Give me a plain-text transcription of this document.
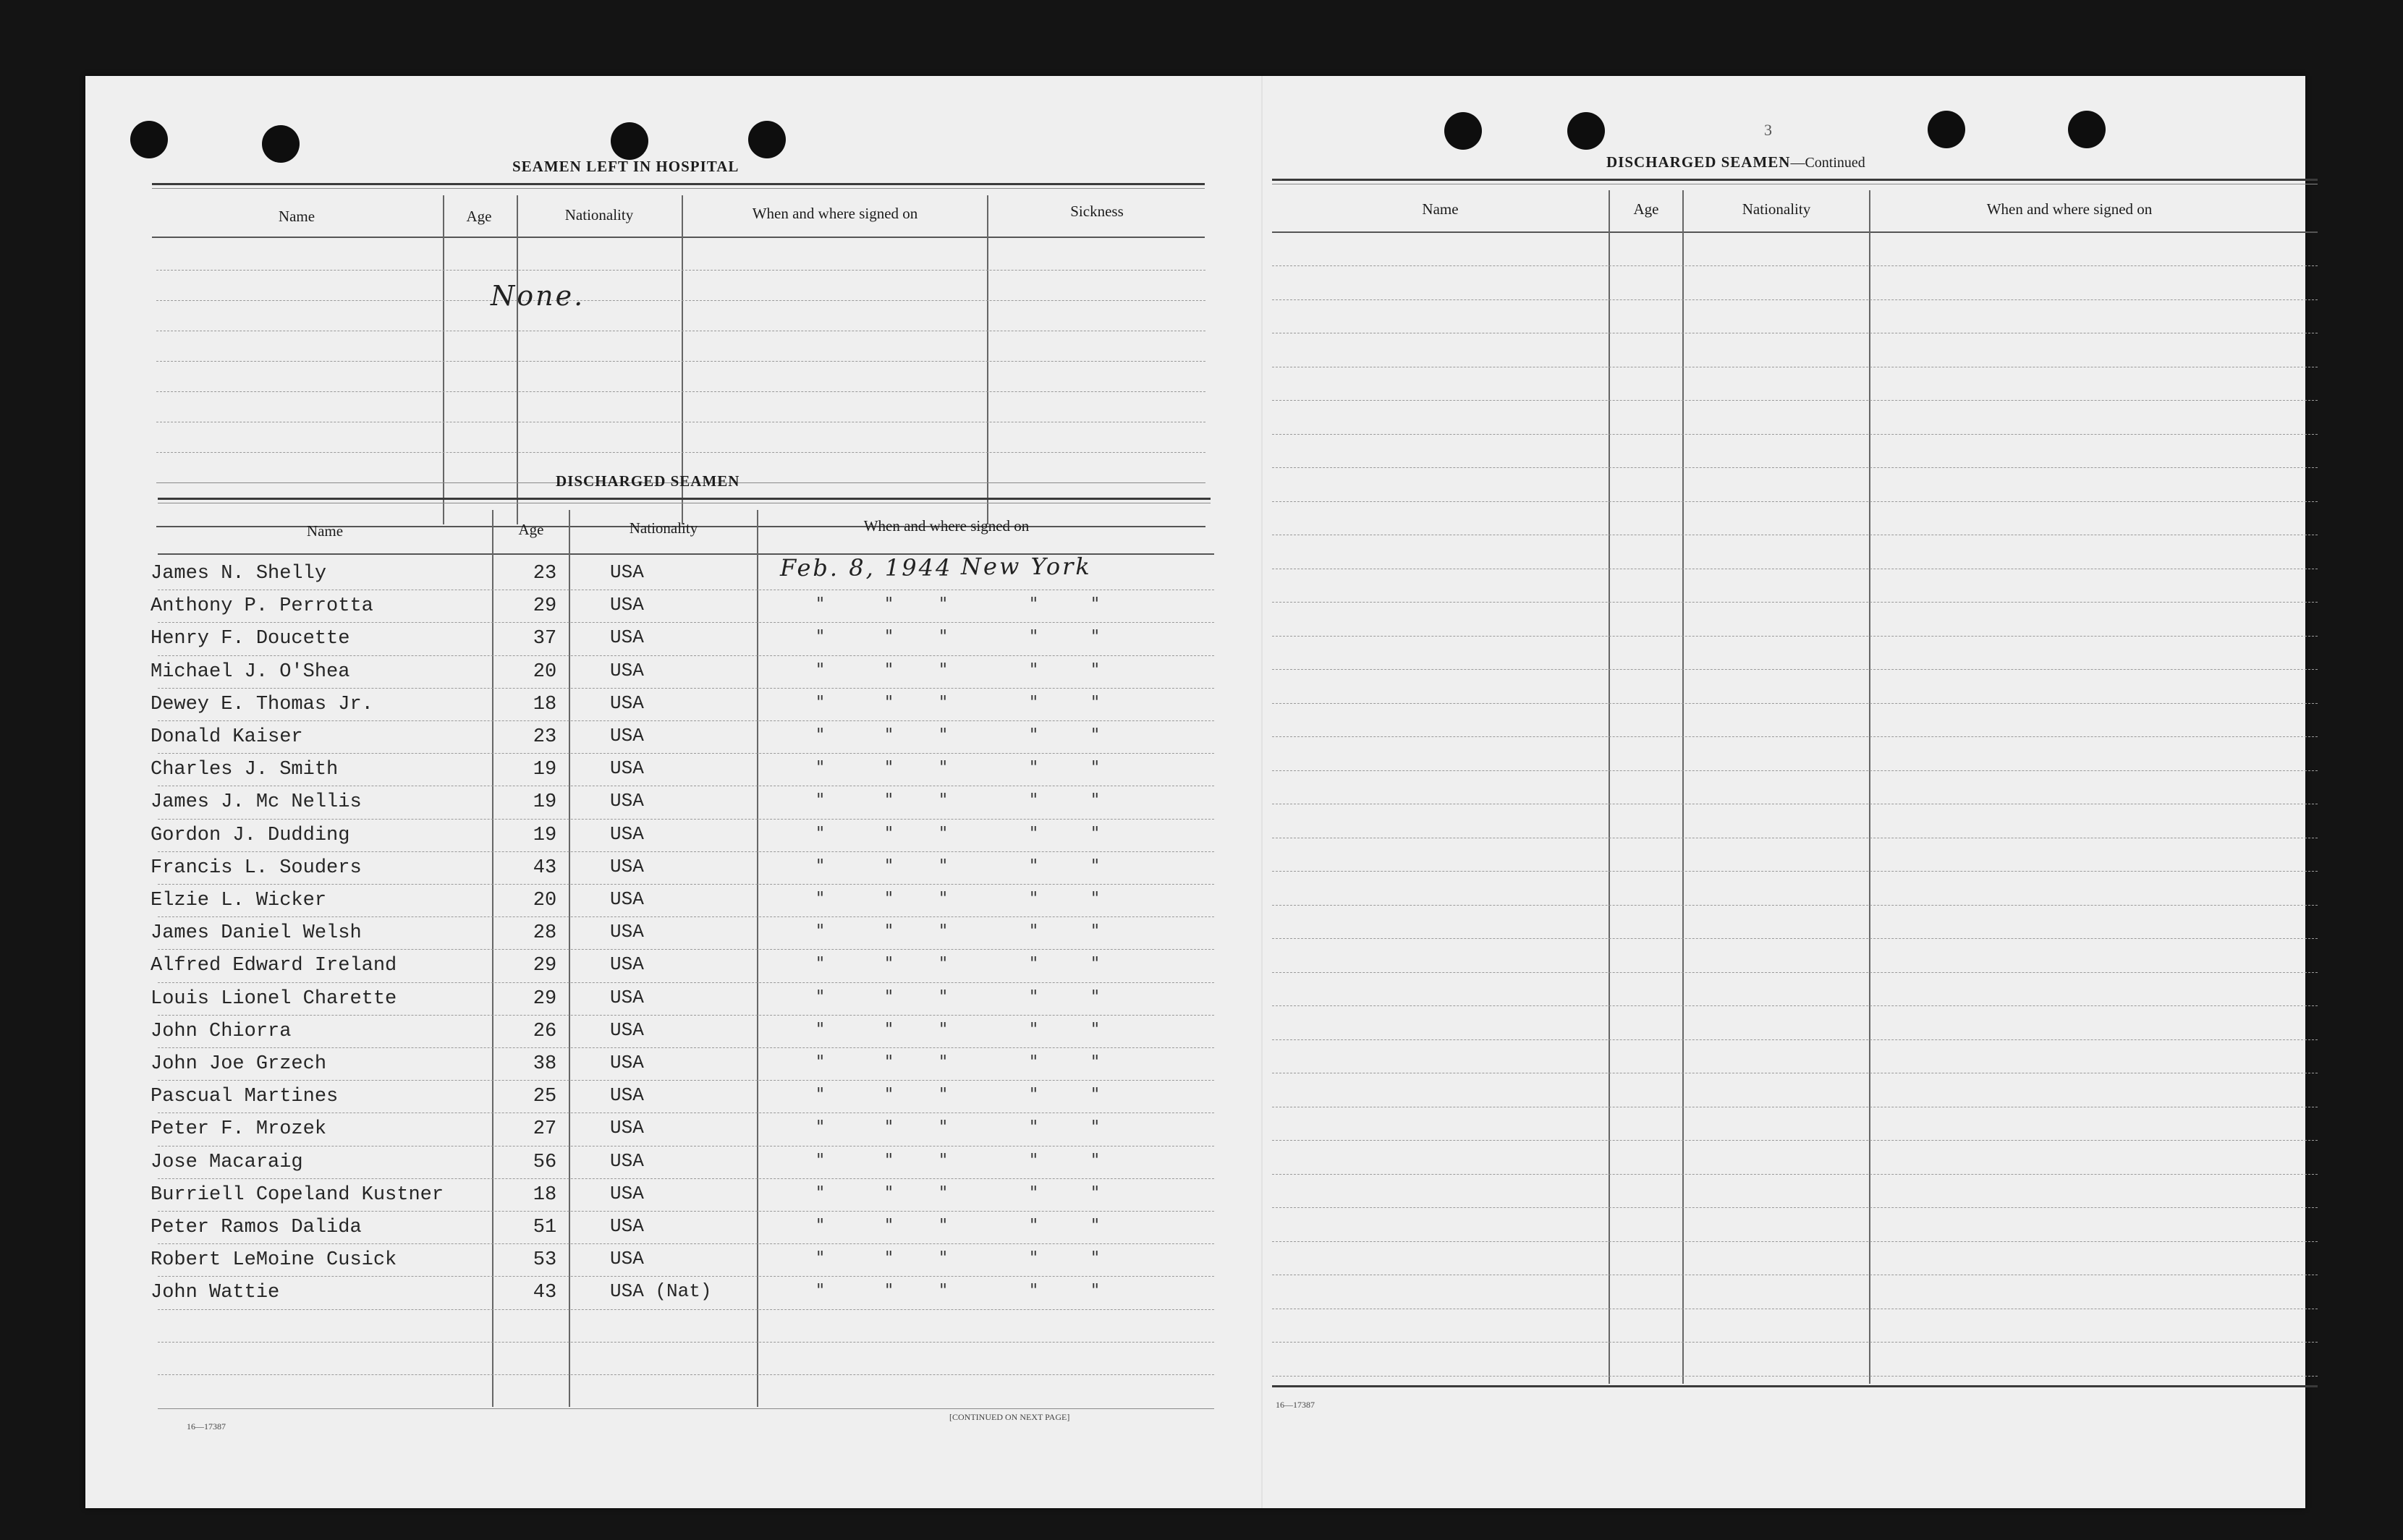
SEAMEN LEFT IN HOSPITAL
Name	Age	Nationality	When and where signed on	Sickness
None.
DISCHARGED SEAMEN
Name	Age	Nationality	When and where signed on
James N. Shelly	23	USA	Feb. 8, 1944 New York
Anthony P. Perrotta	29	USA	"	"	"	"	"
Henry F. Doucette	37	USA	"	"	"	"	"
Michael J. O'Shea	20	USA	"	"	"	"	"
Dewey E. Thomas Jr.	18	USA	"	"	"	"	"
Donald Kaiser	23	USA	"	"	"	"	"
Charles J. Smith	19	USA	"	"	"	"	"
James J. Mc Nellis	19	USA	"	"	"	"	"
Gordon J. Dudding	19	USA	"	"	"	"	"
Francis L. Souders	43	USA	"	"	"	"	"
Elzie L. Wicker	20	USA	"	"	"	"	"
James Daniel Welsh	28	USA	"	"	"	"	"
Alfred Edward Ireland	29	USA	"	"	"	"	"
Louis Lionel Charette	29	USA	"	"	"	"	"
John Chiorra	26	USA	"	"	"	"	"
John Joe Grzech	38	USA	"	"	"	"	"
Pascual Martines	25	USA	"	"	"	"	"
Peter F. Mrozek	27	USA	"	"	"	"	"
Jose Macaraig	56	USA	"	"	"	"	"
Burriell Copeland Kustner	18	USA	"	"	"	"	"
Peter Ramos Dalida	51	USA	"	"	"	"	"
Robert LeMoine Cusick	53	USA	"	"	"	"	"
John Wattie	43	USA (Nat)	"	"	"	"	"
16—17387
[CONTINUED ON NEXT PAGE]
3
DISCHARGED SEAMEN—Continued
Name	Age	Nationality	When and where signed on
16—17387
